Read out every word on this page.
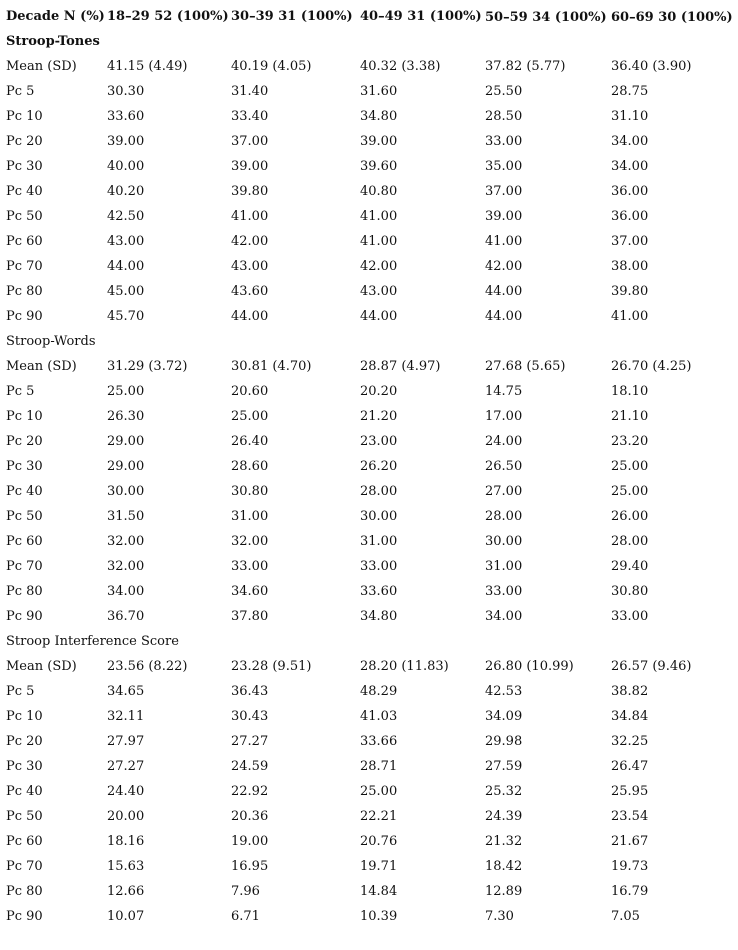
Decade N (%)	18–29 52 (100%)	30–39 31 (100%)	40–49 31 (100%)	50–59 34 (100%)	60–69 30 (100%)
Stroop-Tones					
Mean (SD)	41.15 (4.49)	40.19 (4.05)	40.32 (3.38)	37.82 (5.77)	36.40 (3.90)
Pc 5	30.30	31.40	31.60	25.50	28.75
Pc 10	33.60	33.40	34.80	28.50	31.10
Pc 20	39.00	37.00	39.00	33.00	34.00
Pc 30	40.00	39.00	39.60	35.00	34.00
Pc 40	40.20	39.80	40.80	37.00	36.00
Pc 50	42.50	41.00	41.00	39.00	36.00
Pc 60	43.00	42.00	41.00	41.00	37.00
Pc 70	44.00	43.00	42.00	42.00	38.00
Pc 80	45.00	43.60	43.00	44.00	39.80
Pc 90	45.70	44.00	44.00	44.00	41.00
Stroop-Words					
Mean (SD)	31.29 (3.72)	30.81 (4.70)	28.87 (4.97)	27.68 (5.65)	26.70 (4.25)
Pc 5	25.00	20.60	20.20	14.75	18.10
Pc 10	26.30	25.00	21.20	17.00	21.10
Pc 20	29.00	26.40	23.00	24.00	23.20
Pc 30	29.00	28.60	26.20	26.50	25.00
Pc 40	30.00	30.80	28.00	27.00	25.00
Pc 50	31.50	31.00	30.00	28.00	26.00
Pc 60	32.00	32.00	31.00	30.00	28.00
Pc 70	32.00	33.00	33.00	31.00	29.40
Pc 80	34.00	34.60	33.60	33.00	30.80
Pc 90	36.70	37.80	34.80	34.00	33.00
Stroop Interference Score					
Mean (SD)	23.56 (8.22)	23.28 (9.51)	28.20 (11.83)	26.80 (10.99)	26.57 (9.46)
Pc 5	34.65	36.43	48.29	42.53	38.82
Pc 10	32.11	30.43	41.03	34.09	34.84
Pc 20	27.97	27.27	33.66	29.98	32.25
Pc 30	27.27	24.59	28.71	27.59	26.47
Pc 40	24.40	22.92	25.00	25.32	25.95
Pc 50	20.00	20.36	22.21	24.39	23.54
Pc 60	18.16	19.00	20.76	21.32	21.67
Pc 70	15.63	16.95	19.71	18.42	19.73
Pc 80	12.66	7.96	14.84	12.89	16.79
Pc 90	10.07	6.71	10.39	7.30	7.05
